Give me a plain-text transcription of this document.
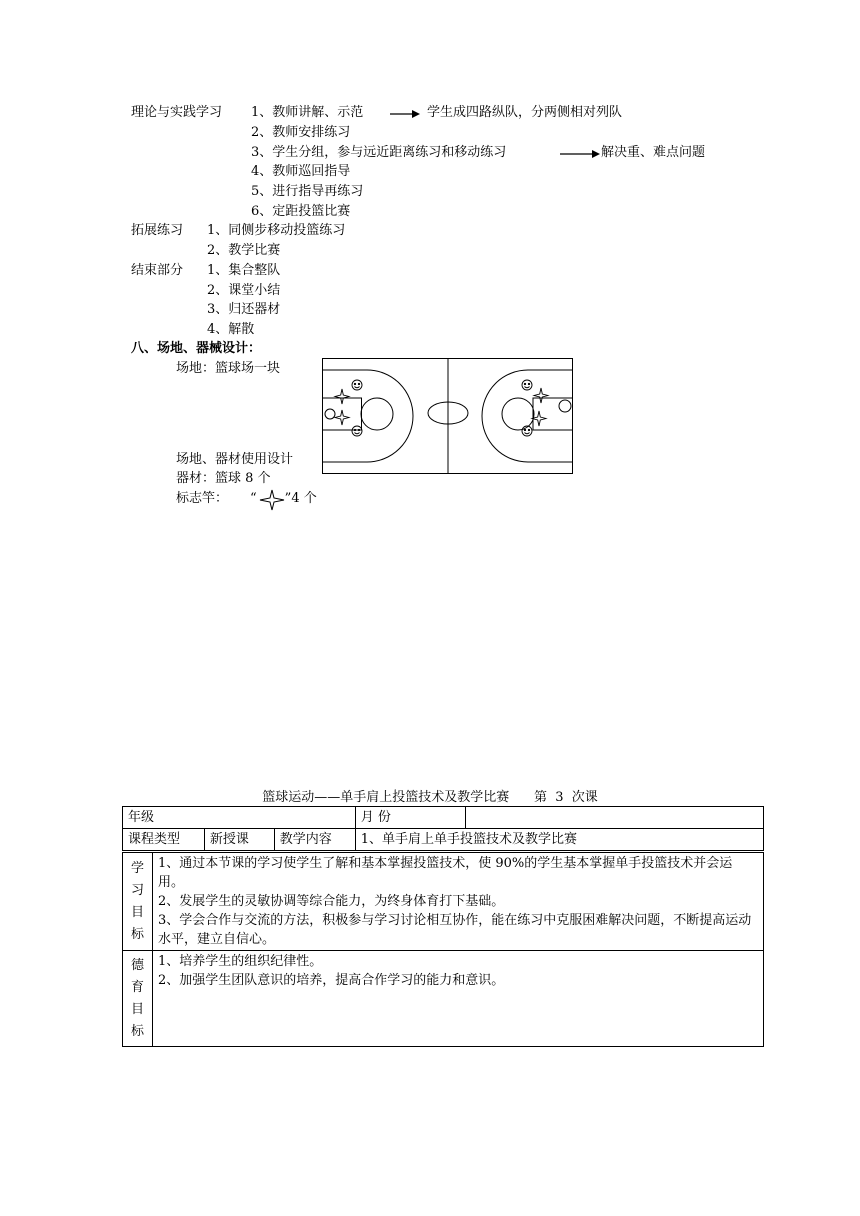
理论与实践学习 1、教师讲解、示范	学生成四路纵队，分两侧相对列队
2、教师安排练习
3、学生分组，参与远近距离练习和移动练习	解决重、难点问题
4、教师巡回指导
5、进行指导再练习
6、定距投篮比赛
拓展练习 1、同侧步移动投篮练习
2、教学比赛
结束部分 1、集合整队
2、课堂小结
3、归还器材
4、解散
八、场地、器械设计：
场地：篮球场一块
场地、器材使用设计
器材：篮球 8 个
标志竿： “ ”4 个
篮球运动——单手肩上投篮技术及教学比赛      第  3  次课
年级			月 份	
课程类型	新授课	教学内容	1、单手肩上单手投篮技术及教学比赛	
学
习
目
标	1、通过本节课的学习使学生了解和基本掌握投篮技术，使 90%的学生基本掌握单手投篮技术并会运用。
2、发展学生的灵敏协调等综合能力，为终身体育打下基础。
3、学会合作与交流的方法，积极参与学习讨论相互协作，能在练习中克服困难解决问题，不断提高运动水平，建立自信心。

德
育
目
标	1、培养学生的组织纪律性。
2、加强学生团队意识的培养，提高合作学习的能力和意识。
